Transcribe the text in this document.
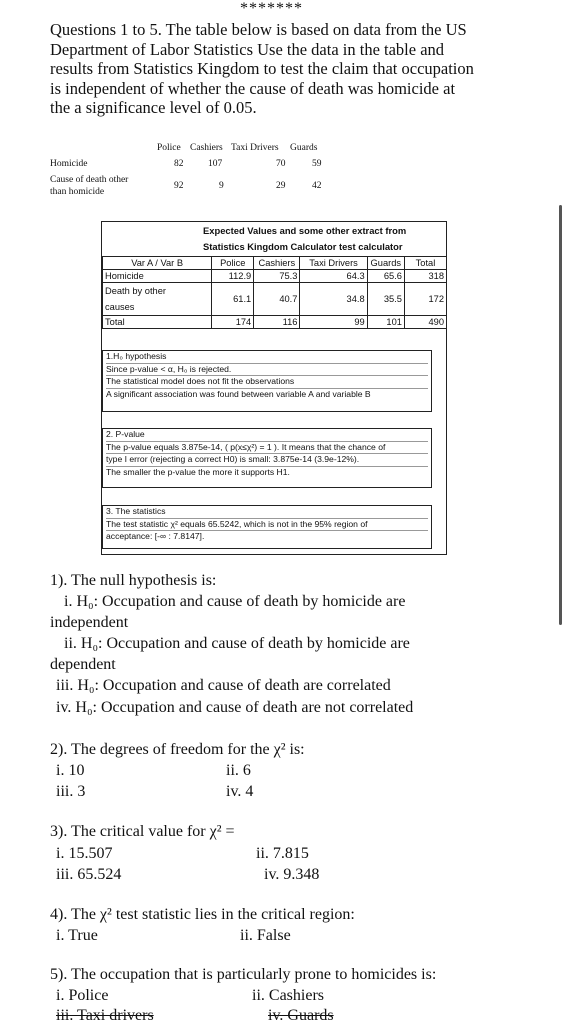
*******
Questions 1 to 5. The table below is based on data from the US
Department of Labor Statistics Use the data in the table and
results from Statistics Kingdom to test the claim that occupation
is independent of whether the cause of death was homicide at
the a significance level of 0.05.
Police Cashiers Taxi Drivers Guards
Homicide	82	107	70	59
Cause of death other
than homicide
92	9	29	42
Expected Values and some other extract from
Statistics Kingdom Calculator test calculator
Var A / Var B	Police	Cashiers	Taxi Drivers	Guards	Total
Homicide	112.9	75.3	64.3	65.6	318
Death by other
causes	61.1	40.7	34.8	35.5	172
Total	174	116	99	101	490
1.H₀ hypothesis
Since p-value < α, H₀ is rejected.
The statistical model does not fit the observations
A significant association was found between variable A and variable B
2. P-value
The p-value equals 3.875e-14, ( p(x≤χ²) = 1 ). It means that the chance of
type I error (rejecting a correct H0) is small: 3.875e-14 (3.9e-12%).
The smaller the p-value the more it supports H1.
3. The statistics
The test statistic χ² equals 65.5242, which is not in the 95% region of
acceptance: [-∞ : 7.8147].
1). The null hypothesis is:
i. H₀: Occupation and cause of death by homicide are
independent
ii. H₀: Occupation and cause of death by homicide are
dependent
iii. H₀: Occupation and cause of death are correlated
iv. H₀: Occupation and cause of death are not correlated
2). The degrees of freedom for the χ² is:
i. 10	ii. 6
iii. 3	iv. 4
3). The critical value for χ² =
i. 15.507	ii. 7.815
iii. 65.524	iv. 9.348
4). The χ² test statistic lies in the critical region:
i. True	ii. False
5). The occupation that is particularly prone to homicides is:
i. Police	ii. Cashiers
iii. Taxi drivers	iv. Guards
